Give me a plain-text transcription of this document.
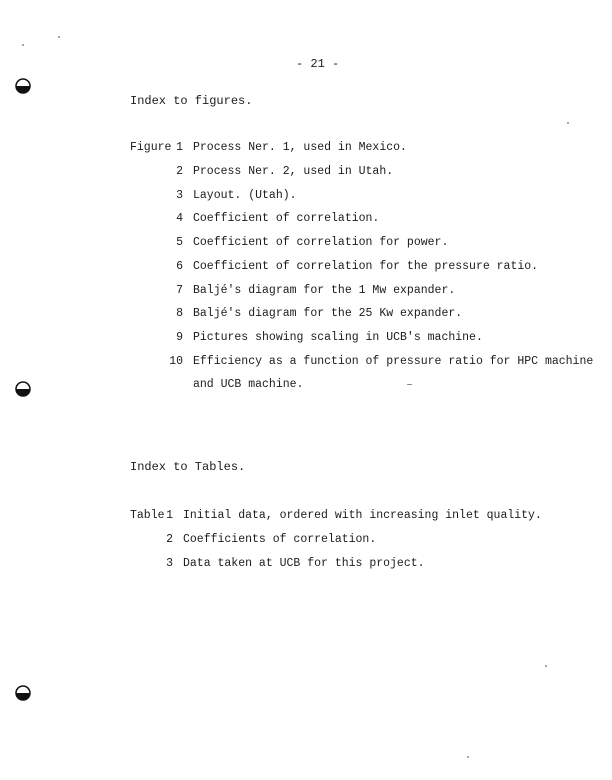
- 21 -
Index to figures.
Figure 1 Process Ner. 1, used in Mexico.
2 Process Ner. 2, used in Utah.
3 Layout. (Utah).
4 Coefficient of correlation.
5 Coefficient of correlation for power.
6 Coefficient of correlation for the pressure ratio.
7 Baljé's diagram for the 1 Mw expander.
8 Baljé's diagram for the 25 Kw expander.
9 Pictures showing scaling in UCB's machine.
10 Efficiency as a function of pressure ratio for HPC machine
and UCB machine.
Index to Tables.
Table 1 Initial data, ordered with increasing inlet quality.
2 Coefficients of correlation.
3 Data taken at UCB for this project.
